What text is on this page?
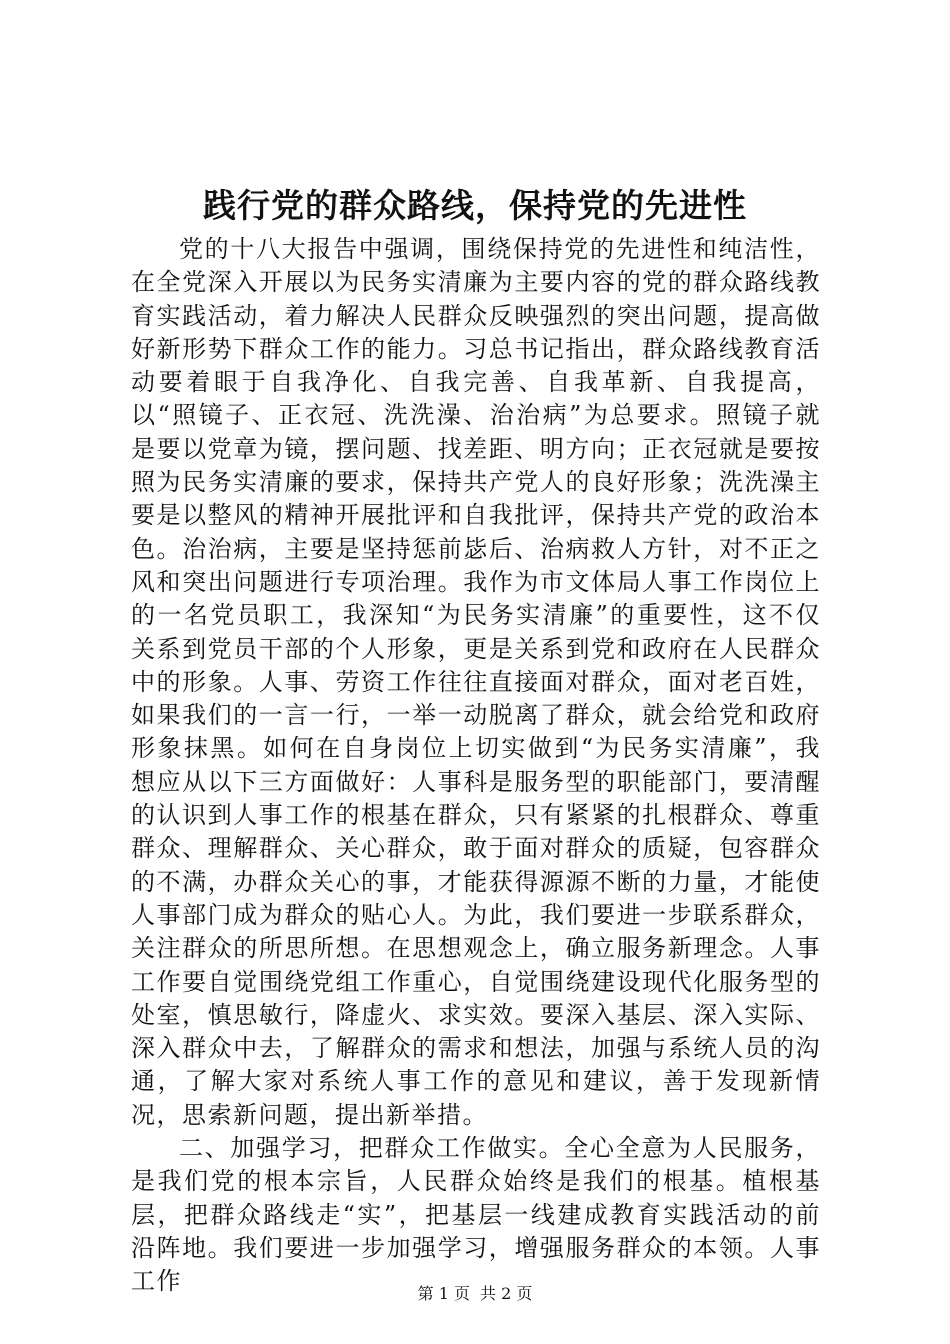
践行党的群众路线，保持党的先进性

党的十八大报告中强调，围绕保持党的先进性和纯洁性，在全党深入开展以为民务实清廉为主要内容的党的群众路线教育实践活动，着力解决人民群众反映强烈的突出问题，提高做好新形势下群众工作的能力。习总书记指出，群众路线教育活动要着眼于自我净化、自我完善、自我革新、自我提高，以“照镜子、正衣冠、洗洗澡、治治病”为总要求。照镜子就是要以党章为镜，摆问题、找差距、明方向；正衣冠就是要按照为民务实清廉的要求，保持共产党人的良好形象；洗洗澡主要是以整风的精神开展批评和自我批评，保持共产党的政治本色。治治病，主要是坚持惩前毖后、治病救人方针，对不正之风和突出问题进行专项治理。我作为市文体局人事工作岗位上的一名党员职工，我深知“为民务实清廉”的重要性，这不仅关系到党员干部的个人形象，更是关系到党和政府在人民群众中的形象。人事、劳资工作往往直接面对群众，面对老百姓，如果我们的一言一行，一举一动脱离了群众，就会给党和政府形象抹黑。如何在自身岗位上切实做到“为民务实清廉”，我想应从以下三方面做好：人事科是服务型的职能部门，要清醒的认识到人事工作的根基在群众，只有紧紧的扎根群众、尊重群众、理解群众、关心群众，敢于面对群众的质疑，包容群众的不满，办群众关心的事，才能获得源源不断的力量，才能使人事部门成为群众的贴心人。为此，我们要进一步联系群众，关注群众的所思所想。在思想观念上，确立服务新理念。人事工作要自觉围绕党组工作重心，自觉围绕建设现代化服务型的处室，慎思敏行，降虚火、求实效。要深入基层、深入实际、深入群众中去，了解群众的需求和想法，加强与系统人员的沟通，了解大家对系统人事工作的意见和建议，善于发现新情况，思索新问题，提出新举措。

二、加强学习，把群众工作做实。全心全意为人民服务，是我们党的根本宗旨，人民群众始终是我们的根基。植根基层，把群众路线走“实”，把基层一线建成教育实践活动的前沿阵地。我们要进一步加强学习，增强服务群众的本领。人事工作	第 1 页 共 2 页
